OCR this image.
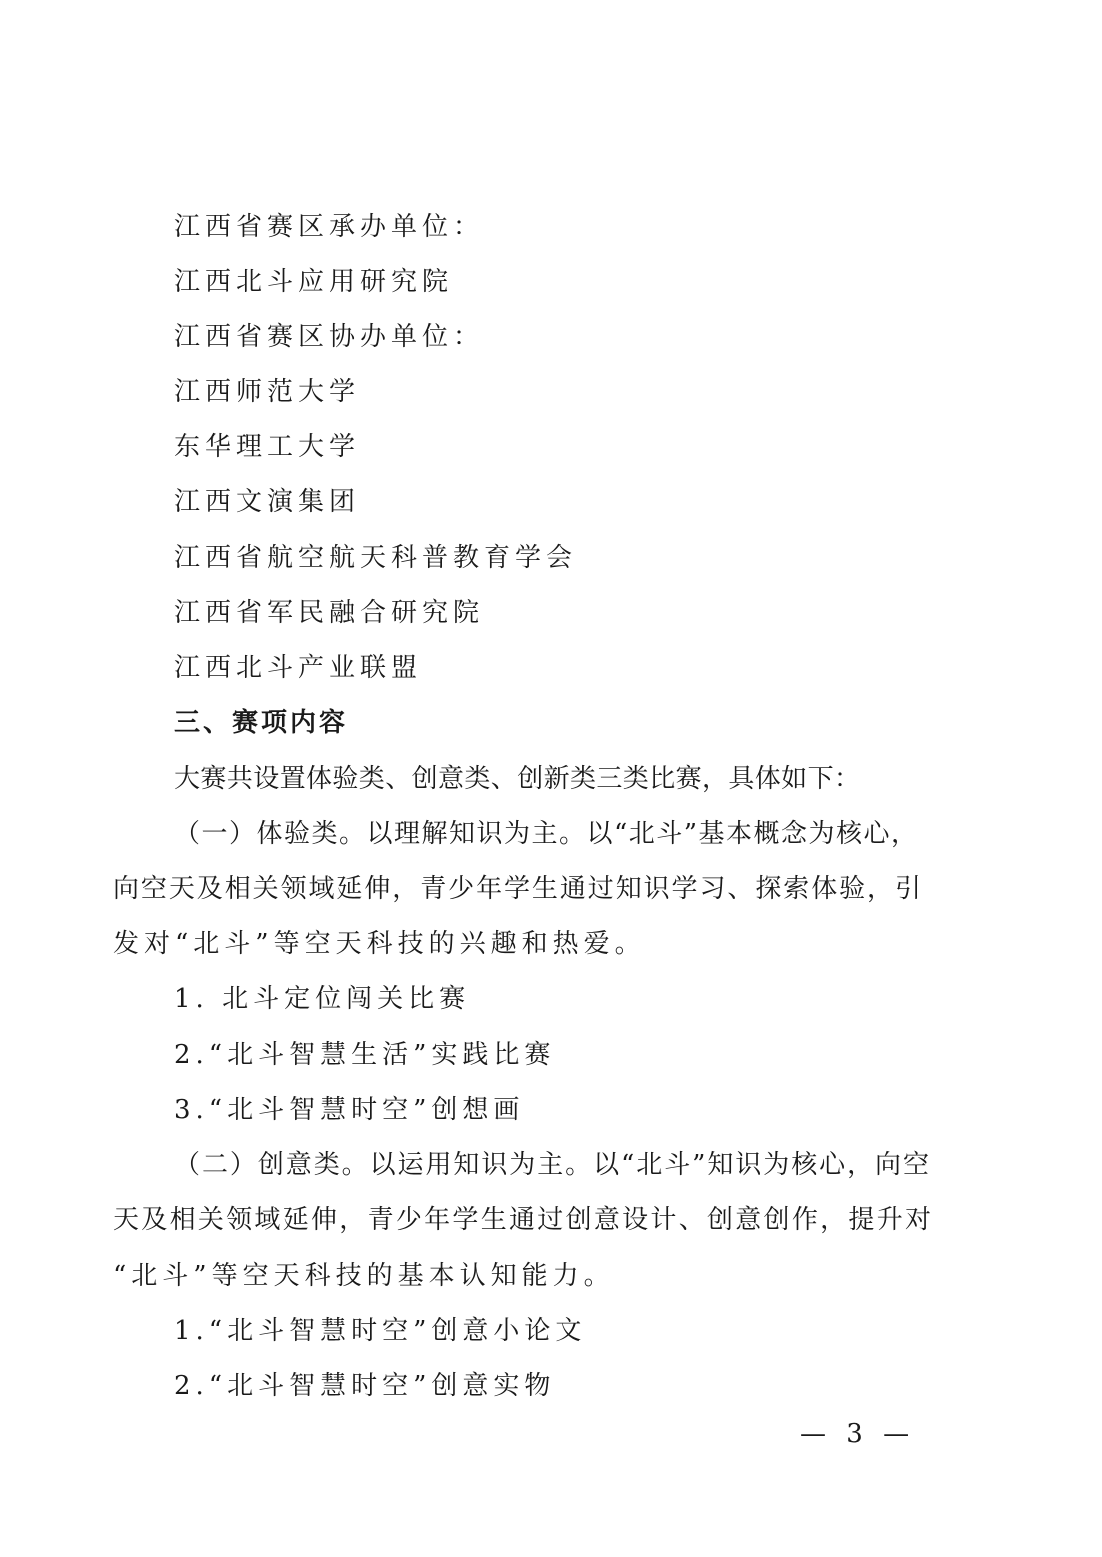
江西省赛区承办单位：
江西北斗应用研究院
江西省赛区协办单位：
江西师范大学
东华理工大学
江西文演集团
江西省航空航天科普教育学会
江西省军民融合研究院
江西北斗产业联盟
三、赛项内容
大赛共设置体验类、创意类、创新类三类比赛，具体如下：
（一）体验类。以理解知识为主。以“北斗”基本概念为核心，
向空天及相关领域延伸，青少年学生通过知识学习、探索体验，引
发对“北斗”等空天科技的兴趣和热爱。
1. 北斗定位闯关比赛
2.“北斗智慧生活”实践比赛
3.“北斗智慧时空”创想画
（二）创意类。以运用知识为主。以“北斗”知识为核心，向空
天及相关领域延伸，青少年学生通过创意设计、创意创作，提升对
“北斗”等空天科技的基本认知能力。
1.“北斗智慧时空”创意小论文
2.“北斗智慧时空”创意实物
— 3 —
